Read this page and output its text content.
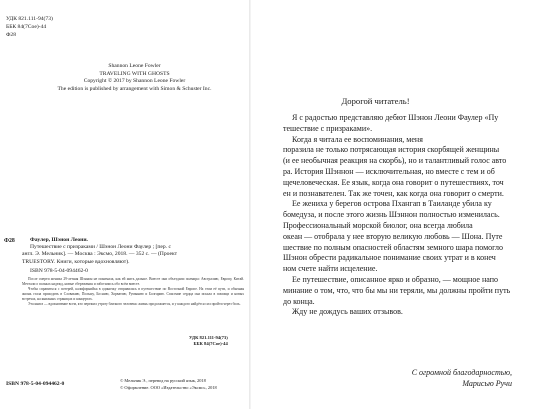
УДК 821.111-94(73)
ББК 84(7Сое)-44
Ф28
Shannon Leone Fowler
TRAVELING WITH GHOSTS
Copyright © 2017 by Shannon Leone Fowler
The edition is published by arrangement with Simon & Schuster Inc.
Ф28	Фаулер, Шэнон Леони.
Путешествие с призраками / Шэнон Леони Фаулер ; [пер. с
англ. Э. Мельник]. — Москва : Эксмо, 2018. — 352 с. — (Проект
TRUESTORY. Книги, которые вдохновляют).
ISBN 978-5-04-094462-0
После смерти жениха 29-летняя Шэннон не понимала, как ей жить дальше. Вместе они объездили полмира: Австралию, Европу, Китай. Мечтали о полных надежд, новые сбережения и заботились обо всём вместе.
Чтобы справиться с потерей, калифорнийка в одиночку отправилась в путешествие по Восточной Европе. На этом её пути, и обычная жизнь стала приходить в Словакию, Польшу, Боснию, Хорватию, Румынию и Болгарию. Спасение сердца она искала в помощи и новых встречах, на книжных страницах и концертах.
Эта книга — вдохновение всем, кто пережил утрату близкого человека: жизнь продолжается, и у каждого найдётся сил пройти через боль.
УДК 821.111-94(73)
ББК 84(7Сое)-44
ISBN 978-5-04-094462-0
© Мельник Э., перевод на русский язык, 2018
© Оформление. ООО «Издательство «Эксмо», 2018
Дорогой читатель!
Я с радостью представляю дебют Шэнон Леони Фаулер «Пу
тешествие с призраками».
Когда я читала ее воспоминания, меня
поразила не только потрясающая история скорбящей женщины
(и ее необычная реакция на скорбь), но и талантливый голос авто
ра. История Шэннон — исключительная, но вместе с тем и об
щечеловеческая. Ее язык, когда она говорит о путешествиях, точ
ен и познавателен. Так же точен, как когда она говорит о смерти.
Ее жениха у берегов острова Пхангап в Таиланде убила ку
бомедуза, и после этого жизнь Шэннон полностью изменилась.
Профессиональный морской биолог, она всегда любила
океан — отобрала у нее вторую великую любовь — Шона. Путе
шествие по полным опасностей областям земного шара помогло
Шэнон обрести радикальное понимание своих утрат и в конеч
ном счете найти исцеление.
Ее путешествие, описанное ярко и образно, — мощное напо
минание о том, что, что бы мы ни теряли, мы должны пройти путь
до конца.
Жду не дождусь ваших отзывов.
С огромной благодарностью,
Марисью Ручи
